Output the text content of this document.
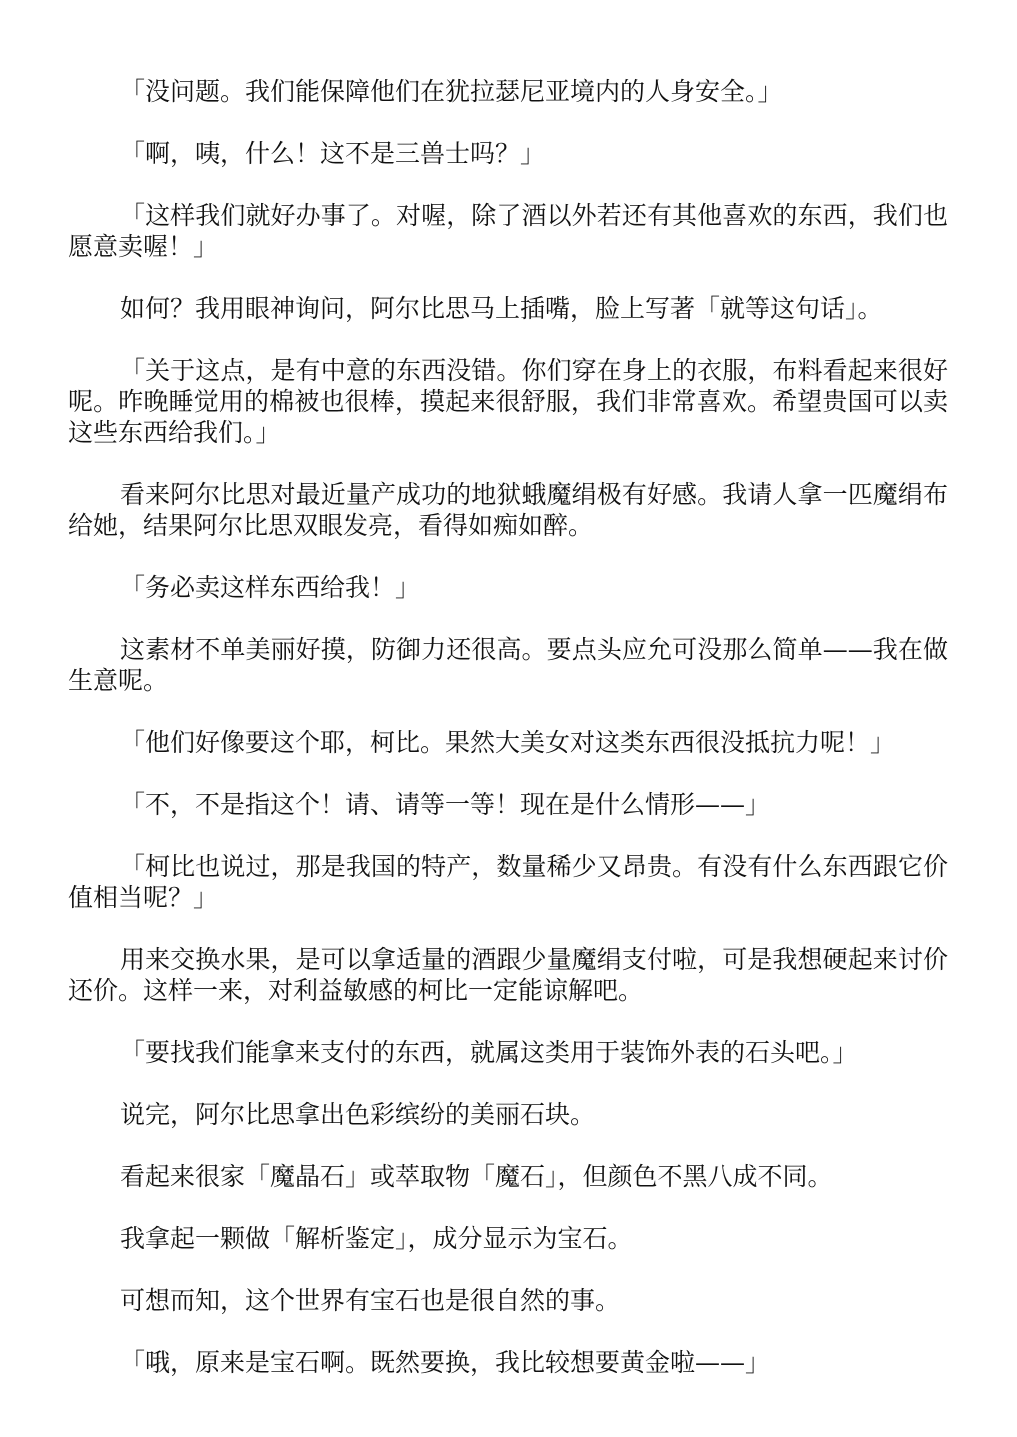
「没问题。我们能保障他们在犹拉瑟尼亚境内的人身安全。」

「啊，咦，什么！这不是三兽士吗？」

「这样我们就好办事了。对喔，除了酒以外若还有其他喜欢的东西，我们也愿意卖喔！」

如何？我用眼神询问，阿尔比思马上插嘴，脸上写著「就等这句话」。

「关于这点，是有中意的东西没错。你们穿在身上的衣服，布料看起来很好呢。昨晚睡觉用的棉被也很棒，摸起来很舒服，我们非常喜欢。希望贵国可以卖这些东西给我们。」

看来阿尔比思对最近量产成功的地狱蛾魔绢极有好感。我请人拿一匹魔绢布给她，结果阿尔比思双眼发亮，看得如痴如醉。

「务必卖这样东西给我！」

这素材不单美丽好摸，防御力还很高。要点头应允可没那么简单——我在做生意呢。

「他们好像要这个耶，柯比。果然大美女对这类东西很没抵抗力呢！」

「不，不是指这个！请、请等一等！现在是什么情形——」

「柯比也说过，那是我国的特产，数量稀少又昂贵。有没有什么东西跟它价值相当呢？」

用来交换水果，是可以拿适量的酒跟少量魔绢支付啦，可是我想硬起来讨价还价。这样一来，对利益敏感的柯比一定能谅解吧。

「要找我们能拿来支付的东西，就属这类用于装饰外表的石头吧。」

说完，阿尔比思拿出色彩缤纷的美丽石块。

看起来很家「魔晶石」或萃取物「魔石」，但颜色不黑八成不同。

我拿起一颗做「解析鉴定」，成分显示为宝石。

可想而知，这个世界有宝石也是很自然的事。

「哦，原来是宝石啊。既然要换，我比较想要黄金啦——」
